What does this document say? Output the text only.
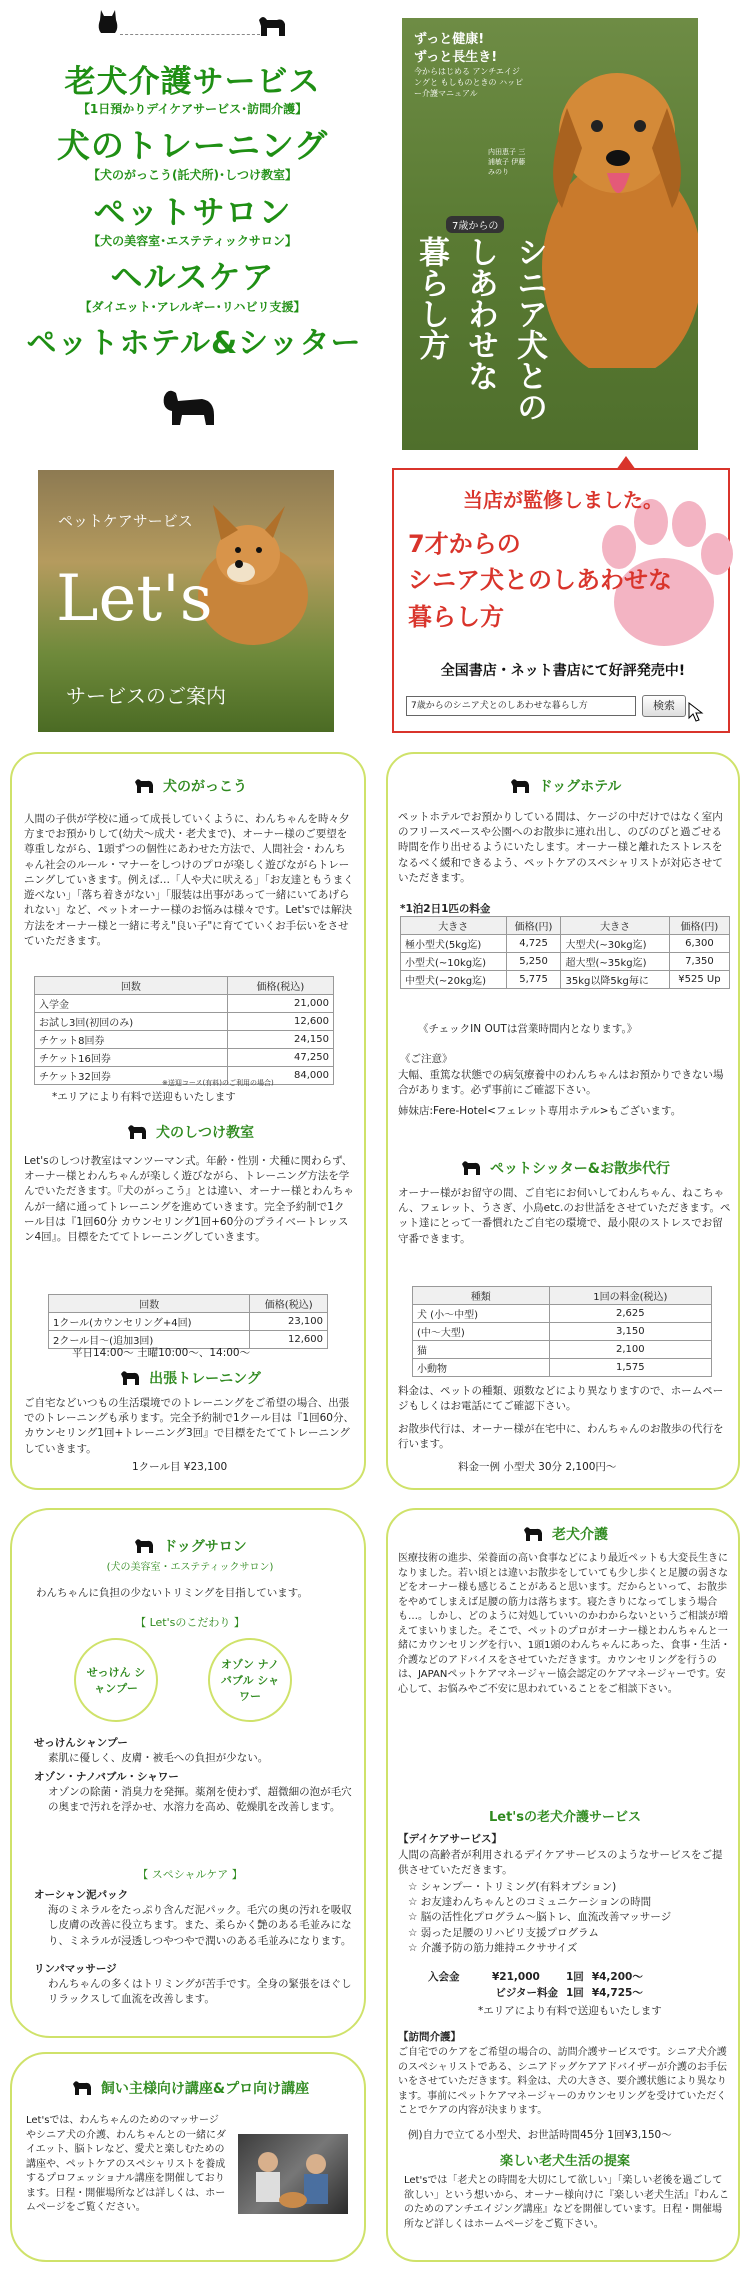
老犬介護サービス
【1日預かりデイケアサービス･訪問介護】
犬のトレーニング
【犬のがっこう(託犬所)･しつけ教室】
ペットサロン
【犬の美容室･エステティックサロン】
ヘルスケア
【ダイエット･アレルギー･リハビリ支援】
ペットホテル&シッター
ペットケアサービス
Let's
サービスのご案内
ずっと健康!
ずっと長生き!
今からはじめる アンチエイジングと もしものときの ハッピー介護マニュアル
内田恵子 三浦敏子 伊藤みのり
7歳からの
シニア犬との
しあわせな
暮らし方
当店が監修しました。
7才からの
シニア犬とのしあわせな
暮らし方
全国書店・ネット書店にて好評発売中!
7歳からのシニア犬とのしあわせな暮らし方	検索
犬のがっこう
人間の子供が学校に通って成長していくように、わんちゃんを時々夕方までお預かりして(幼犬～成犬・老犬まで)、オーナー様のご要望を尊重しながら、1頭ずつの個性にあわせた方法で、人間社会・わんちゃん社会のルール・マナーをしつけのプロが楽しく遊びながらトレーニングしていきます。例えば…「人や犬に吠える」「お友達ともうまく遊べない」「落ち着きがない」「服装は出事があって一緒にいてあげられない」など、ペットオーナー様のお悩みは様々です。Let'sでは解決方法をオーナー様と一緒に考え"良い子"に育てていくお手伝いをさせていただきます。
回数	価格(税込)
入学金	21,000
お試し3回(初回のみ)	12,600
チケット8回券	24,150
チケット16回券	47,250
チケット32回券	84,000
※送迎コース(有料)のご利用の場合)
*エリアにより有料で送迎もいたします
犬のしつけ教室
Let'sのしつけ教室はマンツーマン式。年齢・性別・犬種に関わらず、オーナー様とわんちゃんが楽しく遊びながら、トレーニング方法を学んでいただきます。『犬のがっこう』とは違い、オーナー様とわんちゃんが一緒に通ってトレーニングを進めていきます。完全予約制で1クール目は『1回60分 カウンセリング1回+60分のプライベートレッスン4回』。目標をたててトレーニングしていきます。
回数	価格(税込)
1クール(カウンセリング+4回)	23,100
2クール目～(追加3回)	12,600
平日14:00～ 土曜10:00～、14:00～
出張トレーニング
ご自宅などいつもの生活環境でのトレーニングをご希望の場合、出張でのトレーニングも承ります。完全予約制で1クール目は『1回60分、カウンセリング1回+トレーニング3回』で目標をたててトレーニングしていきます。
1クール目 ¥23,100
ドッグホテル
ペットホテルでお預かりしている間は、ケージの中だけではなく室内のフリースペースや公園へのお散歩に連れ出し、のびのびと過ごせる時間を作り出せるようにいたします。オーナー様と離れたストレスをなるべく緩和できるよう、ペットケアのスペシャリストが対応させていただきます。
*1泊2日1匹の料金
大きさ	価格(円)	大きさ	価格(円)
極小型犬(5kg迄)	4,725	大型犬(~30kg迄)	6,300
小型犬(~10kg迄)	5,250	超大型(~35kg迄)	7,350
中型犬(~20kg迄)	5,775	35kg以降5kg毎に	¥525 Up
《チェックIN OUTは営業時間内となります。》
《ご注意》
大幅、重篤な状態での病気療養中のわんちゃんはお預かりできない場合があります。必ず事前にご確認下さい。
姉妹店:Fere-Hotel<フェレット専用ホテル>もございます。
ペットシッター&お散歩代行
オーナー様がお留守の間、ご自宅にお伺いしてわんちゃん、ねこちゃん、フェレット、うさぎ、小鳥etc.のお世話をさせていただきます。ペット達にとって一番慣れたご自宅の環境で、最小限のストレスでお留守番できます。
種類	1回の料金(税込)
犬 (小～中型)	2,625
(中～大型)	3,150
猫	2,100
小動物	1,575
料金は、ペットの種類、頭数などにより異なりますので、ホームページもしくはお電話にてご確認下さい。
お散歩代行は、オーナー様が在宅中に、わんちゃんのお散歩の代行を行います。
料金一例 小型犬 30分 2,100円～
ドッグサロン
(犬の美容室・エステティックサロン)
わんちゃんに負担の少ないトリミングを目指しています。
【 Let'sのこだわり 】
せっけん シャンプー
オゾン ナノバブル シャワー
せっけんシャンプー
素肌に優しく、皮膚・被毛への負担が少ない。
オゾン・ナノバブル・シャワー
オゾンの除菌・消臭力を発揮。薬剤を使わず、超微細の泡が毛穴の奥まで汚れを浮かせ、水溶力を高め、乾燥肌を改善します。
【 スペシャルケア 】
オーシャン泥パック
海のミネラルをたっぷり含んだ泥パック。毛穴の奥の汚れを吸収し皮膚の改善に役立ちます。また、柔らかく艶のある毛並みになり、ミネラルが浸透しつやつやで潤いのある毛並みになります。
リンパマッサージ
わんちゃんの多くはトリミングが苦手です。全身の緊張をほぐしリラックスして血流を改善します。
飼い主様向け講座&プロ向け講座
Let'sでは、わんちゃんのためのマッサージやシニア犬の介護、わんちゃんとの一緒にダイエット、脳トレなど、愛犬と楽しむための講座や、ペットケアのスペシャリストを養成するプロフェッショナル講座を開催しております。日程・開催場所などは詳しくは、ホームページをご覧ください。
老犬介護
医療技術の進歩、栄養面の高い食事などにより最近ペットも大変長生きになりました。若い頃とは違いお散歩をしていても少し歩くと足腰の弱さなどをオーナー様も感じることがあると思います。だからといって、お散歩をやめてしまえば足腰の筋力は落ちます。寝たきりになってしまう場合も…。しかし、どのように対処していいのかわからないというご相談が増えてまいりました。そこで、ペットのプロがオーナー様とわんちゃんと一緒にカウンセリングを行い、1頭1頭のわんちゃんにあった、食事・生活・介護などのアドバイスをさせていただきます。カウンセリングを行うのは、JAPANペットケアマネージャー協会認定のケアマネージャーです。安心して、お悩みやご不安に思われていることをご相談下さい。
Let'sの老犬介護サービス
【デイケアサービス】
人間の高齢者が利用されるデイケアサービスのようなサービスをご提供させていただきます。
☆ シャンプー・トリミング(有料オプション)
☆ お友達わんちゃんとのコミュニケーションの時間
☆ 脳の活性化プログラム〜脳トレ、血流改善マッサージ
☆ 弱った足腰のリハビリ支援プログラム
☆ 介護予防の筋力維持エクササイズ
入会金	¥21,000	1回 ¥4,200～
ビジター料金 1回 ¥4,725～
*エリアにより有料で送迎もいたします
【訪問介護】
ご自宅でのケアをご希望の場合の、訪問介護サービスです。シニア犬介護のスペシャリストである、シニアドッグケアアドバイザーが介護のお手伝いをさせていただきます。料金は、犬の大きさ、要介護状態により異なります。事前にペットケアマネージャーのカウンセリングを受けていただくことでケアの内容が決まります。
例)自力で立てる小型犬、お世話時間45分 1回¥3,150～
楽しい老犬生活の提案
Let'sでは「老犬との時間を大切にして欲しい」「楽しい老後を過ごして欲しい」という想いから、オーナー様向けに『楽しい老犬生活』『わんこのためのアンチエイジング講座』などを開催しています。日程・開催場所など詳しくはホームページをご覧下さい。
